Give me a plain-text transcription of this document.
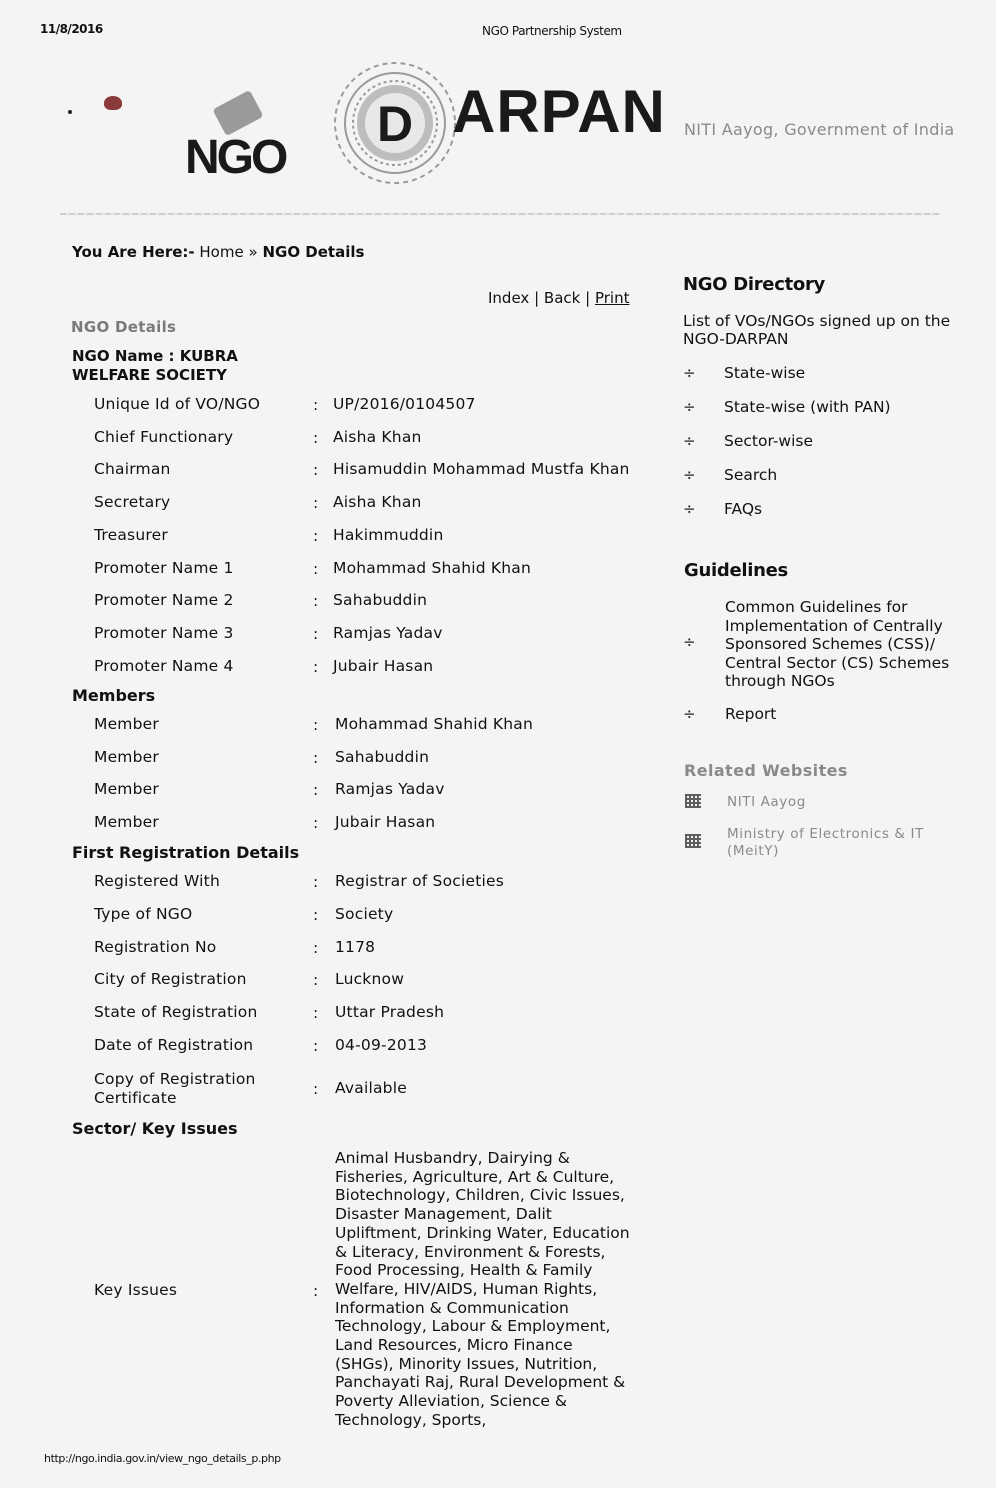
11/8/2016	NGO Partnership System
http://ngo.india.gov.in/view_ngo_details_p.php
NGO
D ARPAN NITI Aayog, Government of India
You Are Here:- Home » NGO Details
Index | Back | Print
NGO Details
NGO Name : KUBRA
WELFARE SOCIETY
Unique Id of VO/NGO	: UP/2016/0104507
Chief Functionary	: Aisha Khan
Chairman	: Hisamuddin Mohammad Mustfa Khan
Secretary	: Aisha Khan
Treasurer	: Hakimmuddin
Promoter Name 1	: Mohammad Shahid Khan
Promoter Name 2	: Sahabuddin
Promoter Name 3	: Ramjas Yadav
Promoter Name 4	: Jubair Hasan
Members
Member	: Mohammad Shahid Khan
Member	: Sahabuddin
Member	: Ramjas Yadav
Member	: Jubair Hasan
First Registration Details
Registered With	: Registrar of Societies
Type of NGO	: Society
Registration No	: 1178
City of Registration	: Lucknow
State of Registration	: Uttar Pradesh
Date of Registration	: 04-09-2013
Copy of Registration
Certificate	: Available
Sector/ Key Issues
Key Issues	:
Animal Husbandry, Dairying &
Fisheries, Agriculture, Art & Culture,
Biotechnology, Children, Civic Issues,
Disaster Management, Dalit
Upliftment, Drinking Water, Education
& Literacy, Environment & Forests,
Food Processing, Health & Family
Welfare, HIV/AIDS, Human Rights,
Information & Communication
Technology, Labour & Employment,
Land Resources, Micro Finance
(SHGs), Minority Issues, Nutrition,
Panchayati Raj, Rural Development &
Poverty Alleviation, Science &
Technology, Sports,
NGO Directory
List of VOs/NGOs signed up on the
NGO-DARPAN
÷ State-wise
÷ State-wise (with PAN)
÷ Sector-wise
÷ Search
÷ FAQs
Guidelines
÷
Common Guidelines for
Implementation of Centrally
Sponsored Schemes (CSS)/
Central Sector (CS) Schemes
through NGOs
÷ Report
Related Websites
NITI Aayog
Ministry of Electronics & IT
(MeitY)
